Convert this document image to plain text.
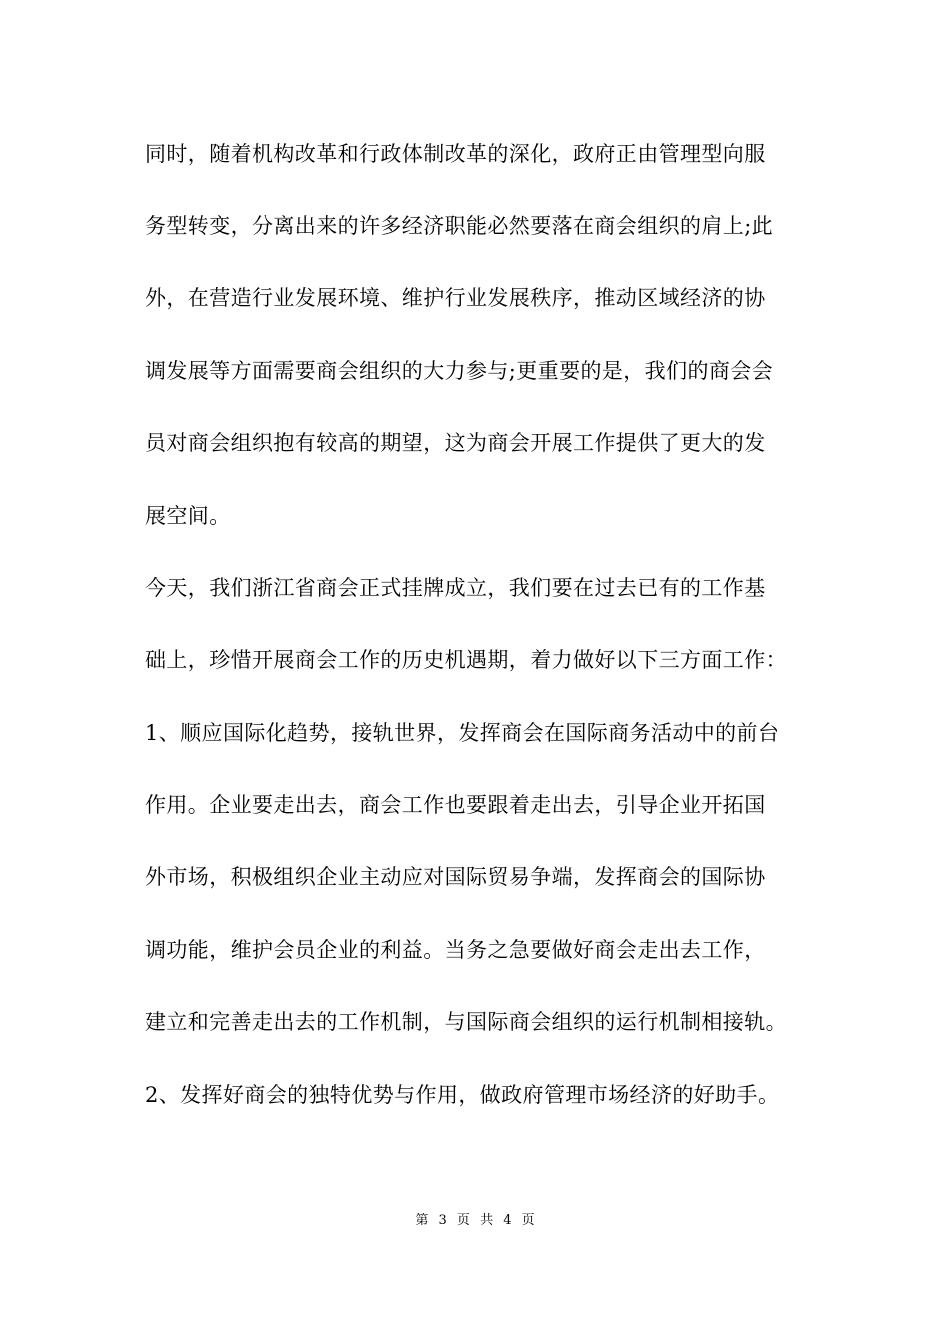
同时，随着机构改革和行政体制改革的深化，政府正由管理型向服
务型转变，分离出来的许多经济职能必然要落在商会组织的肩上;此
外，在营造行业发展环境、维护行业发展秩序，推动区域经济的协
调发展等方面需要商会组织的大力参与;更重要的是，我们的商会会
员对商会组织抱有较高的期望，这为商会开展工作提供了更大的发
展空间。
今天，我们浙江省商会正式挂牌成立，我们要在过去已有的工作基
础上，珍惜开展商会工作的历史机遇期，着力做好以下三方面工作：
1、顺应国际化趋势，接轨世界，发挥商会在国际商务活动中的前台
作用。企业要走出去，商会工作也要跟着走出去，引导企业开拓国
外市场，积极组织企业主动应对国际贸易争端，发挥商会的国际协
调功能，维护会员企业的利益。当务之急要做好商会走出去工作，
建立和完善走出去的工作机制，与国际商会组织的运行机制相接轨。
2、发挥好商会的独特优势与作用，做政府管理市场经济的好助手。
第 3 页 共 4 页
